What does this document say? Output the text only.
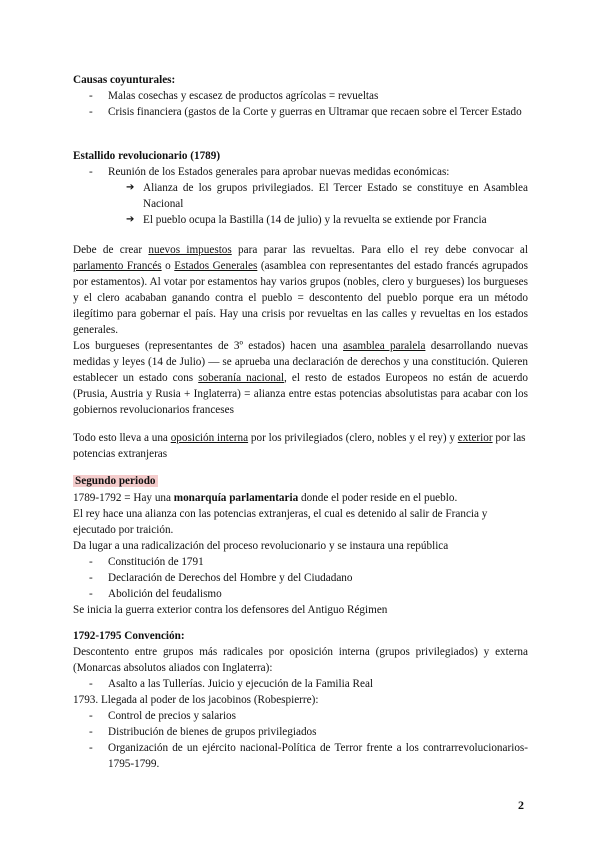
Causas coyunturales:

- Malas cosechas y escasez de productos agrícolas = revueltas
- Crisis financiera (gastos de la Corte y guerras en Ultramar que recaen sobre el Tercer Estado

Estallido revolucionario (1789)

- Reunión de los Estados generales para aprobar nuevas medidas económicas:
➔ Alianza de los grupos privilegiados. El Tercer Estado se constituye en Asamblea Nacional
➔ El pueblo ocupa la Bastilla (14 de julio) y la revuelta se extiende por Francia
Debe de crear nuevos impuestos para parar las revueltas. Para ello el rey debe convocar al parlamento Francés o Estados Generales (asamblea con representantes del estado francés agrupados por estamentos). Al votar por estamentos hay varios grupos (nobles, clero y burgueses) los burgueses y el clero acababan ganando contra el pueblo = descontento del pueblo porque era un método ilegítimo para gobernar el país. Hay una crisis por revueltas en las calles y revueltas en los estados generales.
Los burgueses (representantes de 3º estados) hacen una asamblea paralela desarrollando nuevas medidas y leyes (14 de Julio) — se aprueba una declaración de derechos y una constitución. Quieren establecer un estado cons soberanía nacional, el resto de estados Europeos no están de acuerdo (Prusia, Austria y Rusia + Inglaterra) = alianza entre estas potencias absolutistas para acabar con los gobiernos revolucionarios franceses
Todo esto lleva a una oposición interna por los privilegiados (clero, nobles y el rey) y exterior por las potencias extranjeras

Segundo periodo

1789-1792 = Hay una monarquía parlamentaria donde el poder reside en el pueblo.

El rey hace una alianza con las potencias extranjeras, el cual es detenido al salir de Francia y ejecutado por traición.

Da lugar a una radicalización del proceso revolucionario y se instaura una república

- Constitución de 1791
- Declaración de Derechos del Hombre y del Ciudadano
- Abolición del feudalismo

Se inicia la guerra exterior contra los defensores del Antiguo Régimen

1792-1795 Convención:

Descontento entre grupos más radicales por oposición interna (grupos privilegiados) y externa (Monarcas absolutos aliados con Inglaterra):

- Asalto a las Tullerías. Juicio y ejecución de la Familia Real

1793. Llegada al poder de los jacobinos (Robespierre):

- Control de precios y salarios
- Distribución de bienes de grupos privilegiados
- Organización de un ejército nacional-Política de Terror frente a los contrarrevolucionarios-1795-1799.
2
